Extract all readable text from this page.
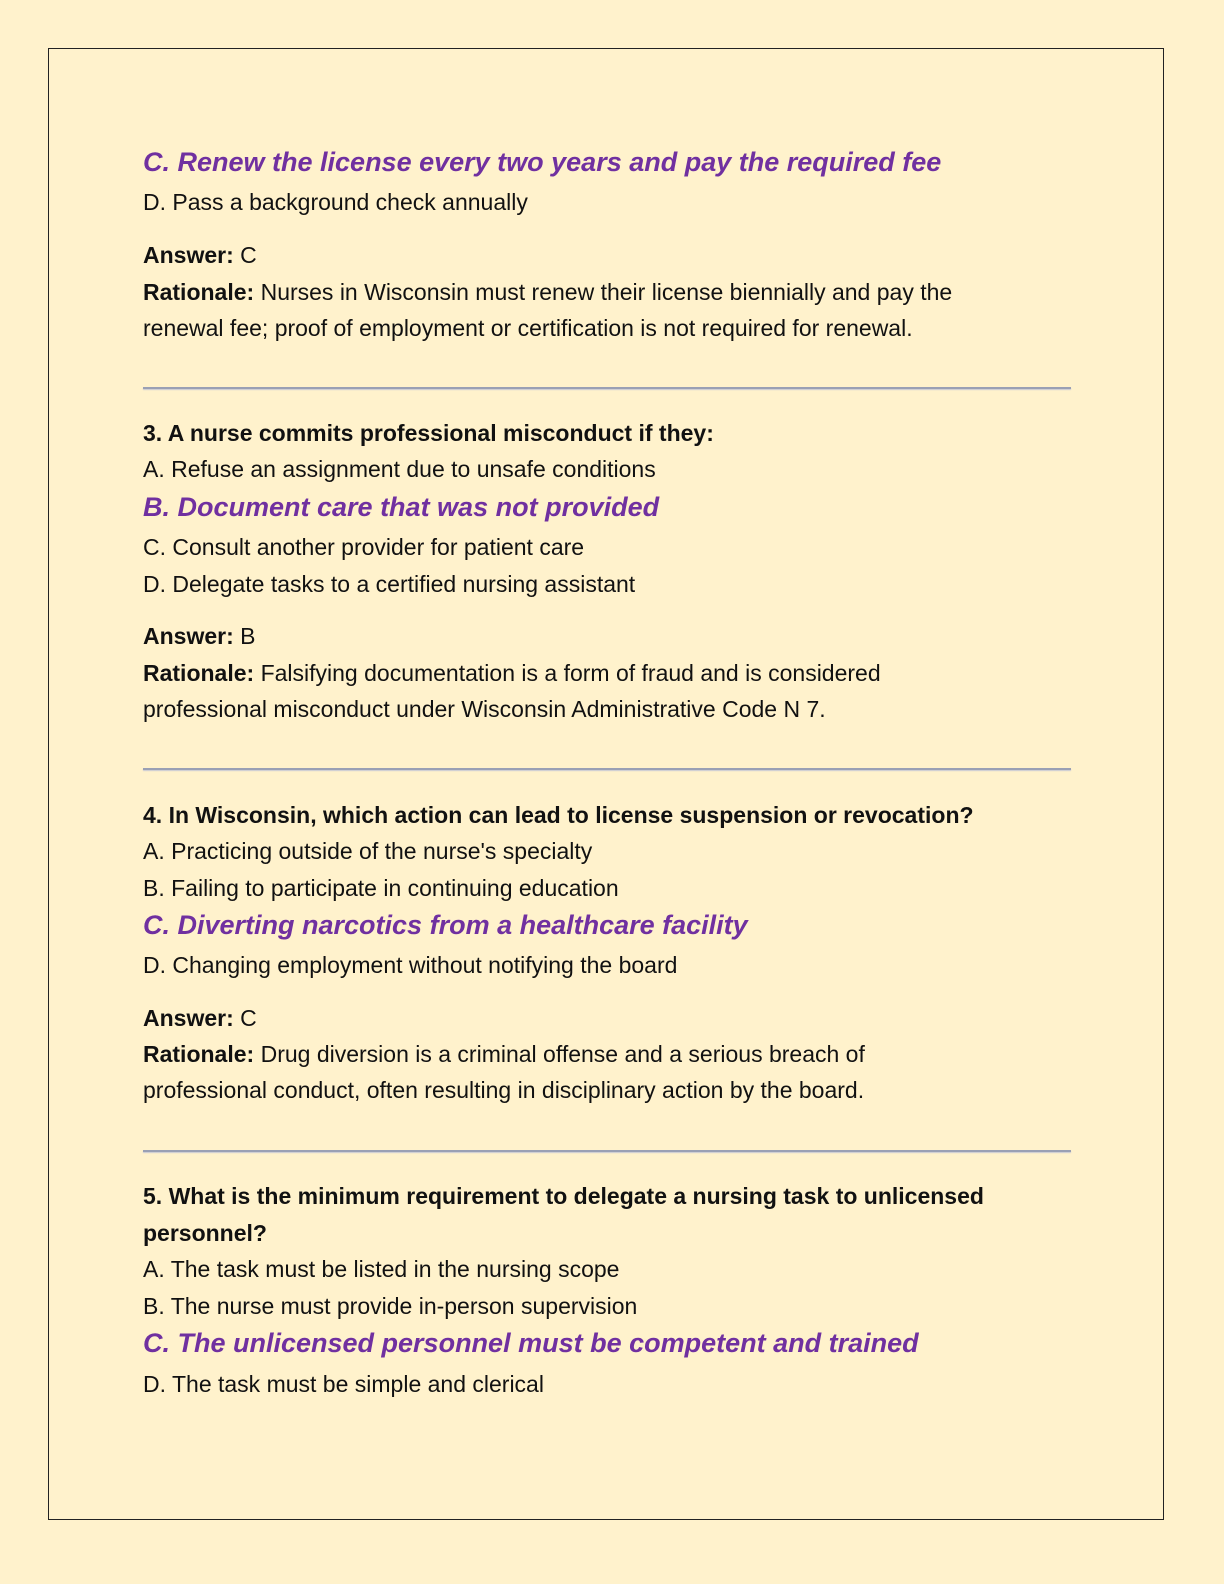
C. Renew the license every two years and pay the required fee
D. Pass a background check annually
Answer: C
Rationale: Nurses in Wisconsin must renew their license biennially and pay the
renewal fee; proof of employment or certification is not required for renewal.
3. A nurse commits professional misconduct if they:
A. Refuse an assignment due to unsafe conditions
B. Document care that was not provided
C. Consult another provider for patient care
D. Delegate tasks to a certified nursing assistant
Answer: B
Rationale: Falsifying documentation is a form of fraud and is considered
professional misconduct under Wisconsin Administrative Code N 7.
4. In Wisconsin, which action can lead to license suspension or revocation?
A. Practicing outside of the nurse's specialty
B. Failing to participate in continuing education
C. Diverting narcotics from a healthcare facility
D. Changing employment without notifying the board
Answer: C
Rationale: Drug diversion is a criminal offense and a serious breach of
professional conduct, often resulting in disciplinary action by the board.
5. What is the minimum requirement to delegate a nursing task to unlicensed
personnel?
A. The task must be listed in the nursing scope
B. The nurse must provide in-person supervision
C. The unlicensed personnel must be competent and trained
D. The task must be simple and clerical
